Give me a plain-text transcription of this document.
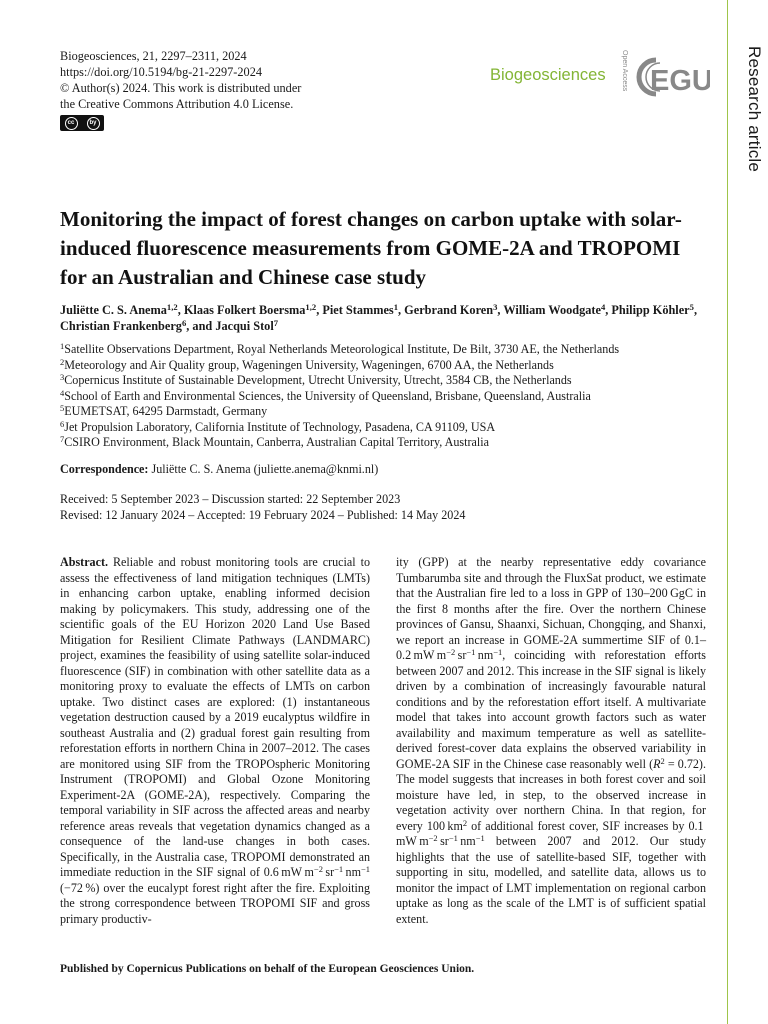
Research article
Biogeosciences, 21, 2297–2311, 2024
https://doi.org/10.5194/bg-21-2297-2024
© Author(s) 2024. This work is distributed under
the Creative Commons Attribution 4.0 License.
cc	by
Biogeosciences	Open Access EGU
Monitoring the impact of forest changes on carbon uptake with solar-induced fluorescence measurements from GOME-2A and TROPOMI for an Australian and Chinese case study
Juliëtte C. S. Anema$^{1,2}$, Klaas Folkert Boersma$^{1,2}$, Piet Stammes$^1$, Gerbrand Koren$^3$, William Woodgate$^4$, Philipp Köhler$^5$, Christian Frankenberg$^6$, and Jacqui Stol$^7$
$^1$Satellite Observations Department, Royal Netherlands Meteorological Institute, De Bilt, 3730 AE, the Netherlands
$^2$Meteorology and Air Quality group, Wageningen University, Wageningen, 6700 AA, the Netherlands
$^3$Copernicus Institute of Sustainable Development, Utrecht University, Utrecht, 3584 CB, the Netherlands
$^4$School of Earth and Environmental Sciences, the University of Queensland, Brisbane, Queensland, Australia
$^5$EUMETSAT, 64295 Darmstadt, Germany
$^6$Jet Propulsion Laboratory, California Institute of Technology, Pasadena, CA 91109, USA
$^7$CSIRO Environment, Black Mountain, Canberra, Australian Capital Territory, Australia
Correspondence: Juliëtte C. S. Anema (juliette.anema@knmi.nl)
Received: 5 September 2023 – Discussion started: 22 September 2023
Revised: 12 January 2024 – Accepted: 19 February 2024 – Published: 14 May 2024
Abstract. Reliable and robust monitoring tools are crucial to assess the effectiveness of land mitigation techniques (LMTs) in enhancing carbon uptake, enabling informed decision making by policymakers. This study, addressing one of the scientific goals of the EU Horizon 2020 Land Use Based Mitigation for Resilient Climate Pathways (LANDMARC) project, examines the feasibility of using satellite solar-induced fluorescence (SIF) in combination with other satellite data as a monitoring proxy to evaluate the effects of LMTs on carbon uptake. Two distinct cases are explored: (1) instantaneous vegetation destruction caused by a 2019 eucalyptus wildfire in southeast Australia and (2) gradual forest gain resulting from reforestation efforts in northern China in 2007–2012. The cases are monitored using SIF from the TROPOspheric Monitoring Instrument (TROPOMI) and Global Ozone Monitoring Experiment-2A (GOME-2A), respectively. Comparing the temporal variability in SIF across the affected areas and nearby reference areas reveals that vegetation dynamics changed as a consequence of the land-use changes in both cases. Specifically, in the Australia case, TROPOMI demonstrated an immediate reduction in the SIF signal of 0.6 mW $m^{-2}$ $sr^{-1}$ $nm^{-1}$ (−72 %) over the eucalypt forest right after the fire. Exploiting the strong correspondence between TROPOMI SIF and gross primary productiv-
ity (GPP) at the nearby representative eddy covariance Tumbarumba site and through the FluxSat product, we estimate that the Australian fire led to a loss in GPP of 130–200 GgC in the first 8 months after the fire. Over the northern Chinese provinces of Gansu, Shaanxi, Sichuan, Chongqing, and Shanxi, we report an increase in GOME-2A summertime SIF of 0.1–0.2 mW $m^{-2}$ $sr^{-1}$ $nm^{-1}$, coinciding with reforestation efforts between 2007 and 2012. This increase in the SIF signal is likely driven by a combination of increasingly favourable natural conditions and by the reforestation effort itself. A multivariate model that takes into account growth factors such as water availability and maximum temperature as well as satellite-derived forest-cover data explains the observed variability in GOME-2A SIF in the Chinese case reasonably well $(R^2 = 0.72)$. The model suggests that increases in both forest cover and soil moisture have led, in step, to the observed increase in vegetation activity over northern China. In that region, for every 100 $km^2$ of additional forest cover, SIF increases by 0.1 mW $m^{-2}$ $sr^{-1}$ $nm^{-1}$ between 2007 and 2012. Our study highlights that the use of satellite-based SIF, together with supporting in situ, modelled, and satellite data, allows us to monitor the impact of LMT implementation on regional carbon uptake as long as the scale of the LMT is of sufficient spatial extent.
Published by Copernicus Publications on behalf of the European Geosciences Union.
